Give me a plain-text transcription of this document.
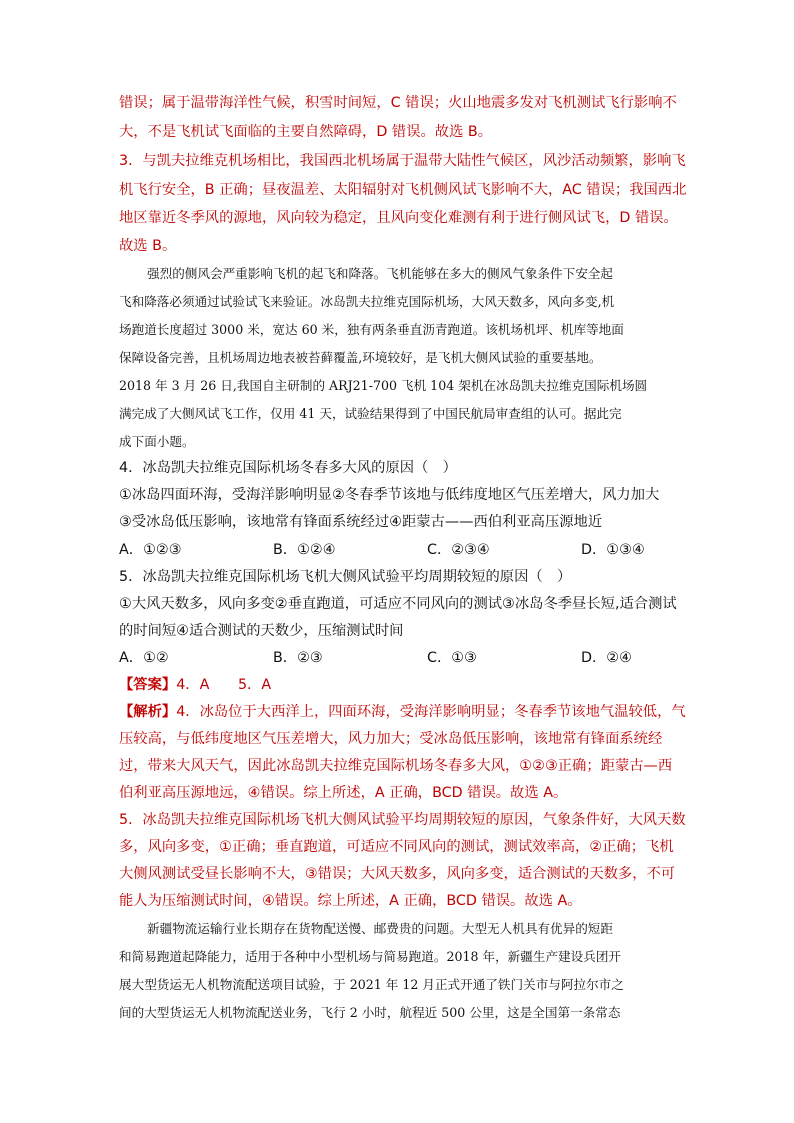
错误；属于温带海洋性气候，积雪时间短，C 错误；火山地震多发对飞机测试飞行影响不
大，不是飞机试飞面临的主要自然障碍，D 错误。故选 B。
3．与凯夫拉维克机场相比，我国西北机场属于温带大陆性气候区，风沙活动频繁，影响飞
机飞行安全，B 正确；昼夜温差、太阳辐射对飞机侧风试飞影响不大，AC 错误；我国西北
地区靠近冬季风的源地，风向较为稳定，且风向变化难测有利于进行侧风试飞，D 错误。
故选 B。
强烈的侧风会严重影响飞机的起飞和降落。飞机能够在多大的侧风气象条件下安全起
飞和降落必须通过试验试飞来验证。冰岛凯夫拉维克国际机场，大风天数多，风向多变,机
场跑道长度超过 3000 米，宽达 60 米，独有两条垂直沥青跑道。该机场机坪、机库等地面
保障设备完善，且机场周边地表被苔藓覆盖,环境较好，是飞机大侧风试验的重要基地。
2018 年 3 月 26 日,我国自主研制的 ARJ21-700 飞机 104 架机在冰岛凯夫拉维克国际机场圆
满完成了大侧风试飞工作，仅用 41 天，试验结果得到了中国民航局审查组的认可。据此完
成下面小题。
4．冰岛凯夫拉维克国际机场冬春多大风的原因（　）
①冰岛四面环海，受海洋影响明显②冬春季节该地与低纬度地区气压差增大，风力加大
③受冰岛低压影响，该地常有锋面系统经过④距蒙古——西伯利亚高压源地近
A．①②③	B．①②④	C．②③④	D．①③④
5．冰岛凯夫拉维克国际机场飞机大侧风试验平均周期较短的原因（　）
①大风天数多，风向多变②垂直跑道，可适应不同风向的测试③冰岛冬季昼长短,适合测试
的时间短④适合测试的天数少，压缩测试时间
A．①②	B．②③	C．①③	D．②④
【答案】4．A　　5．A
【解析】4．冰岛位于大西洋上，四面环海，受海洋影响明显；冬春季节该地气温较低，气
压较高，与低纬度地区气压差增大，风力加大；受冰岛低压影响，该地常有锋面系统经
过，带来大风天气，因此冰岛凯夫拉维克国际机场冬春多大风，①②③正确；距蒙古—西
伯利亚高压源地远，④错误。综上所述，A 正确，BCD 错误。故选 A。
5．冰岛凯夫拉维克国际机场飞机大侧风试验平均周期较短的原因，气象条件好，大风天数
多，风向多变，①正确；垂直跑道，可适应不同风向的测试，测试效率高，②正确；飞机
大侧风测试受昼长影响不大，③错误；大风天数多，风向多变，适合测试的天数多，不可
能人为压缩测试时间，④错误。综上所述，A 正确，BCD 错误。故选 A。
新疆物流运输行业长期存在货物配送慢、邮费贵的问题。大型无人机具有优异的短距
和简易跑道起降能力，适用于各种中小型机场与简易跑道。2018 年，新疆生产建设兵团开
展大型货运无人机物流配送项目试验，于 2021 年 12 月正式开通了铁门关市与阿拉尔市之
间的大型货运无人机物流配送业务，飞行 2 小时，航程近 500 公里，这是全国第一条常态
